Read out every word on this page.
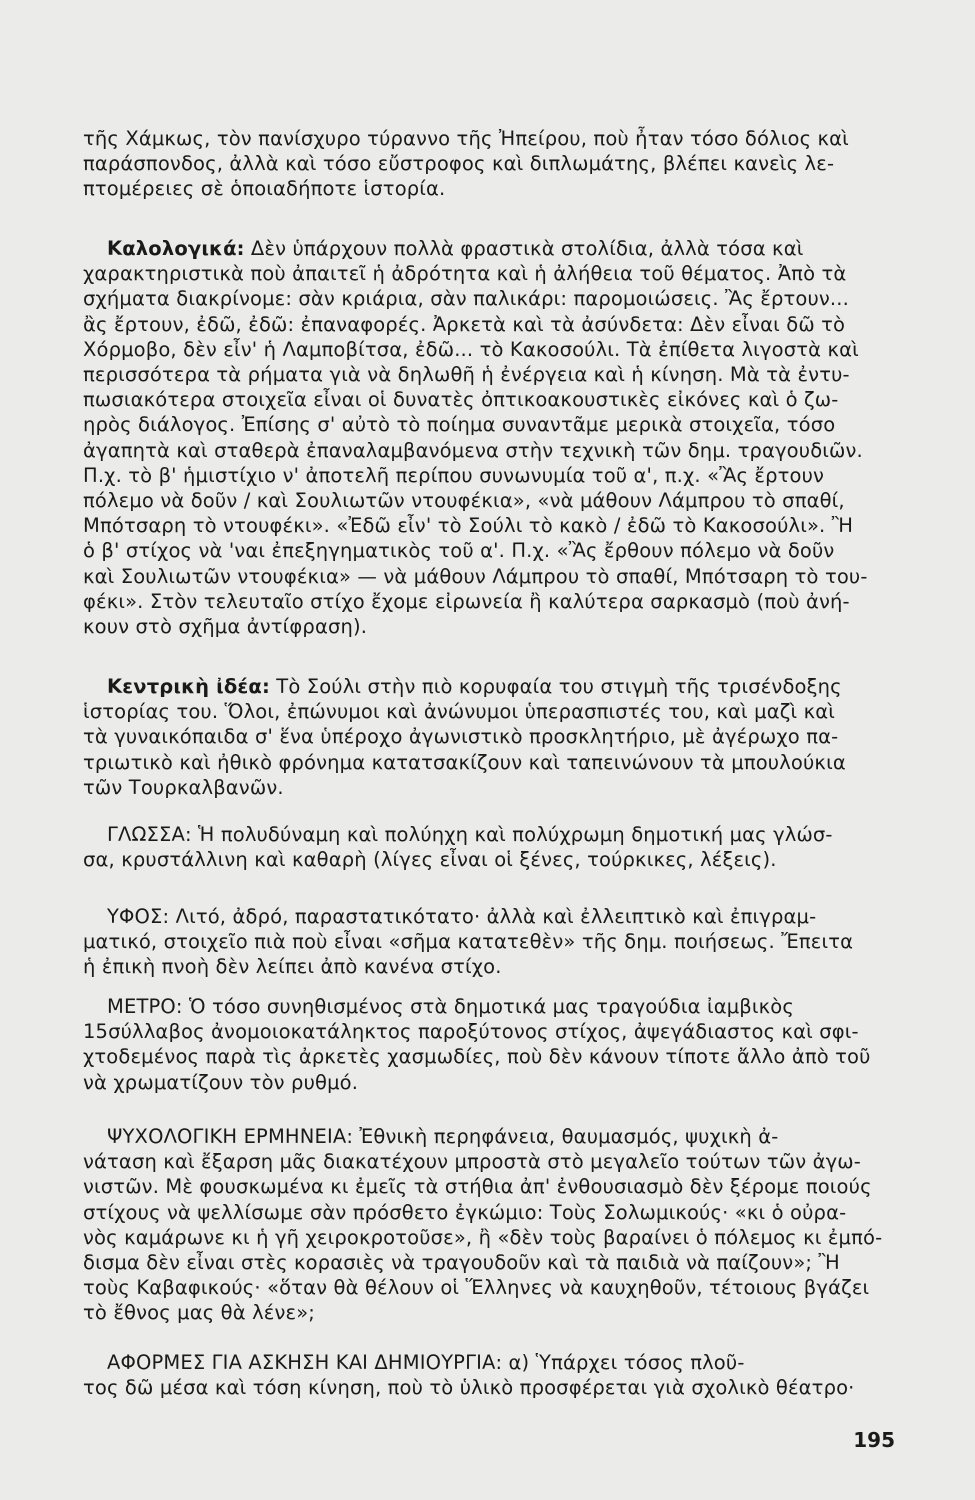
τῆς Χάμκως, τὸν πανίσχυρο τύραννο τῆς Ἠπείρου, ποὺ ἦταν τόσο δόλιος καὶ
παράσπονδος, ἀλλὰ καὶ τόσο εὔστροφος καὶ διπλωμάτης, βλέπει κανεὶς λε-
πτομέρειες σὲ ὁποιαδήποτε ἱστορία.

Καλολογικά: Δὲν ὑπάρχουν πολλὰ φραστικὰ στολίδια, ἀλλὰ τόσα καὶ
χαρακτηριστικὰ ποὺ ἀπαιτεῖ ἡ ἀδρότητα καὶ ἡ ἀλήθεια τοῦ θέματος. Ἀπὸ τὰ
σχήματα διακρίνομε: σὰν κριάρια, σὰν παλικάρι: παρομοιώσεις. Ἂς ἔρτουν...
ἂς ἔρτουν, ἐδῶ, ἐδῶ: ἐπαναφορές. Ἀρκετὰ καὶ τὰ ἀσύνδετα: Δὲν εἶναι δῶ τὸ
Χόρμοβο, δὲν εἶν' ἡ Λαμποβίτσα, ἐδῶ... τὸ Κακοσούλι. Τὰ ἐπίθετα λιγοστὰ καὶ
περισσότερα τὰ ρήματα γιὰ νὰ δηλωθῆ ἡ ἐνέργεια καὶ ἡ κίνηση. Μὰ τὰ ἐντυ-
πωσιακότερα στοιχεῖα εἶναι οἱ δυνατὲς ὀπτικοακουστικὲς εἰκόνες καὶ ὁ ζω-
ηρὸς διάλογος. Ἐπίσης σ' αὐτὸ τὸ ποίημα συναντᾶμε μερικὰ στοιχεῖα, τόσο
ἀγαπητὰ καὶ σταθερὰ ἐπαναλαμβανόμενα στὴν τεχνικὴ τῶν δημ. τραγουδιῶν.
Π.χ. τὸ β' ἡμιστίχιο ν' ἀποτελῆ περίπου συνωνυμία τοῦ α', π.χ. «Ἂς ἔρτουν
πόλεμο νὰ δοῦν / καὶ Σουλιωτῶν ντουφέκια», «νὰ μάθουν Λάμπρου τὸ σπαθί,
Μπότσαρη τὸ ντουφέκι». «Ἐδῶ εἶν' τὸ Σούλι τὸ κακὸ / ἐδῶ τὸ Κακοσούλι». Ἢ
ὁ β' στίχος νὰ 'ναι ἐπεξηγηματικὸς τοῦ α'. Π.χ. «Ἂς ἔρθουν πόλεμο νὰ δοῦν
καὶ Σουλιωτῶν ντουφέκια» — νὰ μάθουν Λάμπρου τὸ σπαθί, Μπότσαρη τὸ του-
φέκι». Στὸν τελευταῖο στίχο ἔχομε εἰρωνεία ἢ καλύτερα σαρκασμὸ (ποὺ ἀνή-
κουν στὸ σχῆμα ἀντίφραση).

Κεντρικὴ ἰδέα: Τὸ Σούλι στὴν πιὸ κορυφαία του στιγμὴ τῆς τρισένδοξης
ἱστορίας του. Ὅλοι, ἐπώνυμοι καὶ ἀνώνυμοι ὑπερασπιστές του, καὶ μαζὶ καὶ
τὰ γυναικόπαιδα σ' ἕνα ὑπέροχο ἀγωνιστικὸ προσκλητήριο, μὲ ἀγέρωχο πα-
τριωτικὸ καὶ ἠθικὸ φρόνημα κατατσακίζουν καὶ ταπεινώνουν τὰ μπουλούκια
τῶν Τουρκαλβανῶν.

ΓΛΩΣΣΑ: Ἡ πολυδύναμη καὶ πολύηχη καὶ πολύχρωμη δημοτική μας γλώσ-
σα, κρυστάλλινη καὶ καθαρὴ (λίγες εἶναι οἱ ξένες, τούρκικες, λέξεις).

ΥΦΟΣ: Λιτό, ἀδρό, παραστατικότατο· ἀλλὰ καὶ ἐλλειπτικὸ καὶ ἐπιγραμ-
ματικό, στοιχεῖο πιὰ ποὺ εἶναι «σῆμα κατατεθὲν» τῆς δημ. ποιήσεως. Ἔπειτα
ἡ ἐπικὴ πνοὴ δὲν λείπει ἀπὸ κανένα στίχο.

ΜΕΤΡΟ: Ὁ τόσο συνηθισμένος στὰ δημοτικά μας τραγούδια ἰαμβικὸς
15σύλλαβος ἀνομοιοκατάληκτος παροξύτονος στίχος, ἀψεγάδιαστος καὶ σφι-
χτοδεμένος παρὰ τὶς ἀρκετὲς χασμωδίες, ποὺ δὲν κάνουν τίποτε ἄλλο ἀπὸ τοῦ
νὰ χρωματίζουν τὸν ρυθμό.

ΨΥΧΟΛΟΓΙΚΗ ΕΡΜΗΝΕΙΑ: Ἐθνικὴ περηφάνεια, θαυμασμός, ψυχικὴ ἀ-
νάταση καὶ ἔξαρση μᾶς διακατέχουν μπροστὰ στὸ μεγαλεῖο τούτων τῶν ἀγω-
νιστῶν. Μὲ φουσκωμένα κι ἐμεῖς τὰ στήθια ἀπ' ἐνθουσιασμὸ δὲν ξέρομε ποιούς
στίχους νὰ ψελλίσωμε σὰν πρόσθετο ἐγκώμιο: Τοὺς Σολωμικούς· «κι ὁ οὐρα-
νὸς καμάρωνε κι ἡ γῆ χειροκροτοῦσε», ἢ «δὲν τοὺς βαραίνει ὁ πόλεμος κι ἐμπό-
δισμα δὲν εἶναι στὲς κορασιὲς νὰ τραγουδοῦν καὶ τὰ παιδιὰ νὰ παίζουν»; Ἢ
τοὺς Καβαφικούς· «ὅταν θὰ θέλουν οἱ Ἕλληνες νὰ καυχηθοῦν, τέτοιους βγάζει
τὸ ἔθνος μας θὰ λένε»;

ΑΦΟΡΜΕΣ ΓΙΑ ΑΣΚΗΣΗ ΚΑΙ ΔΗΜΙΟΥΡΓΙΑ: α) Ὑπάρχει τόσος πλοῦ-
τος δῶ μέσα καὶ τόση κίνηση, ποὺ τὸ ὑλικὸ προσφέρεται γιὰ σχολικὸ θέατρο·

195
